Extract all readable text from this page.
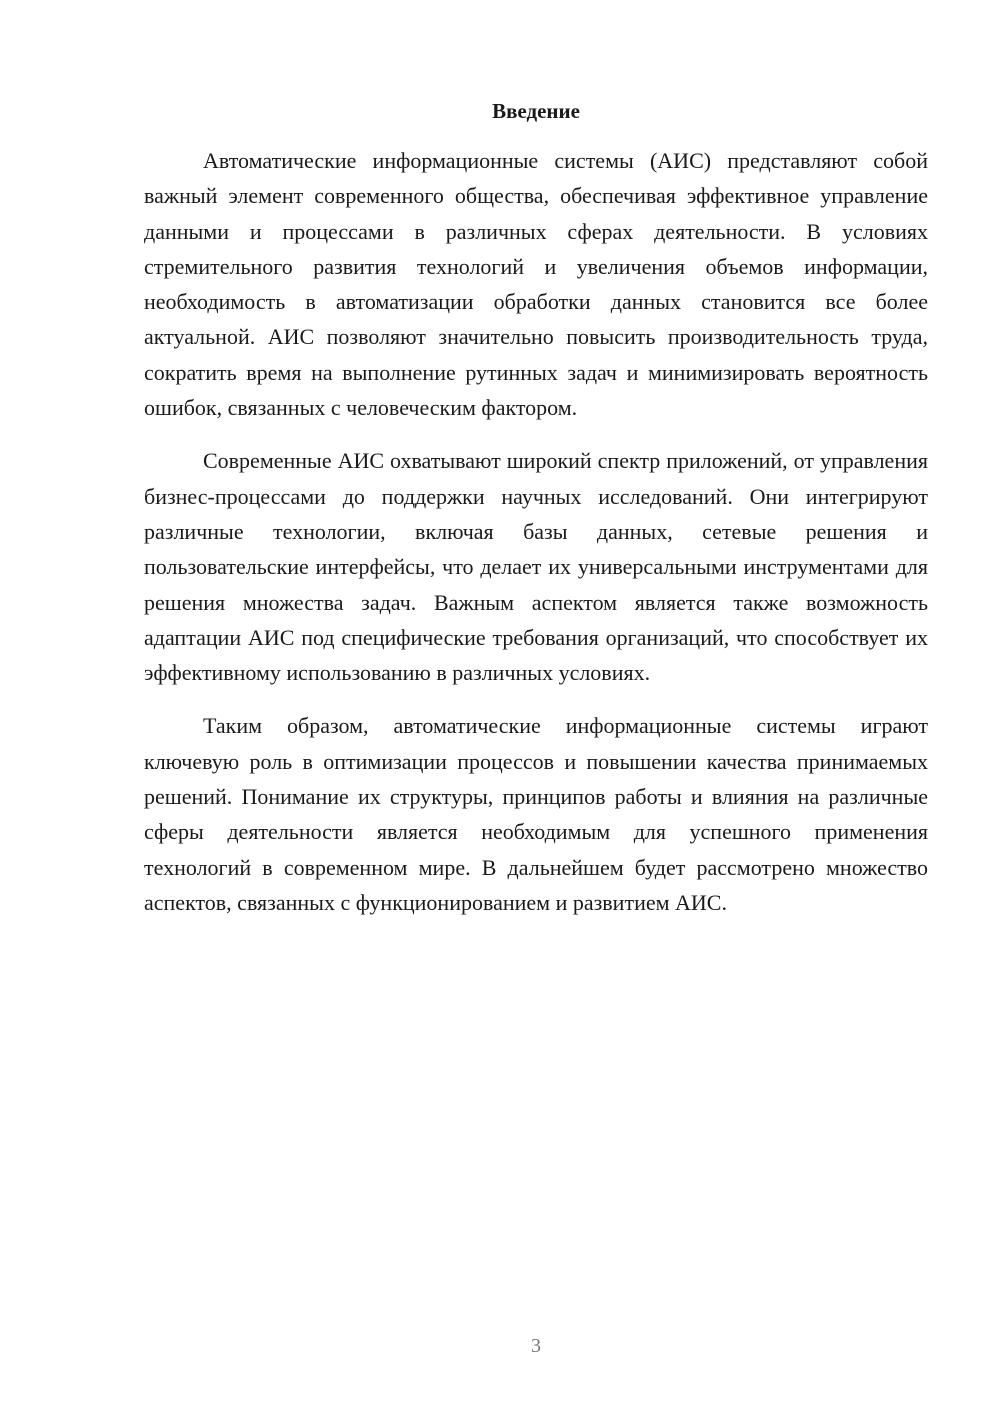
Введение

Автоматические информационные системы (АИС) представляют собой важный элемент современного общества, обеспечивая эффективное управление данными и процессами в различных сферах деятельности. В условиях стремительного развития технологий и увеличения объемов информации, необходимость в автоматизации обработки данных становится все более актуальной. АИС позволяют значительно повысить производительность труда, сократить время на выполнение рутинных задач и минимизировать вероятность ошибок, связанных с человеческим фактором.

Современные АИС охватывают широкий спектр приложений, от управления бизнес-процессами до поддержки научных исследований. Они интегрируют различные технологии, включая базы данных, сетевые решения и пользовательские интерфейсы, что делает их универсальными инструментами для решения множества задач. Важным аспектом является также возможность адаптации АИС под специфические требования организаций, что способствует их эффективному использованию в различных условиях.

Таким образом, автоматические информационные системы играют ключевую роль в оптимизации процессов и повышении качества принимаемых решений. Понимание их структуры, принципов работы и влияния на различные сферы деятельности является необходимым для успешного применения технологий в современном мире. В дальнейшем будет рассмотрено множество аспектов, связанных с функционированием и развитием АИС.

3
